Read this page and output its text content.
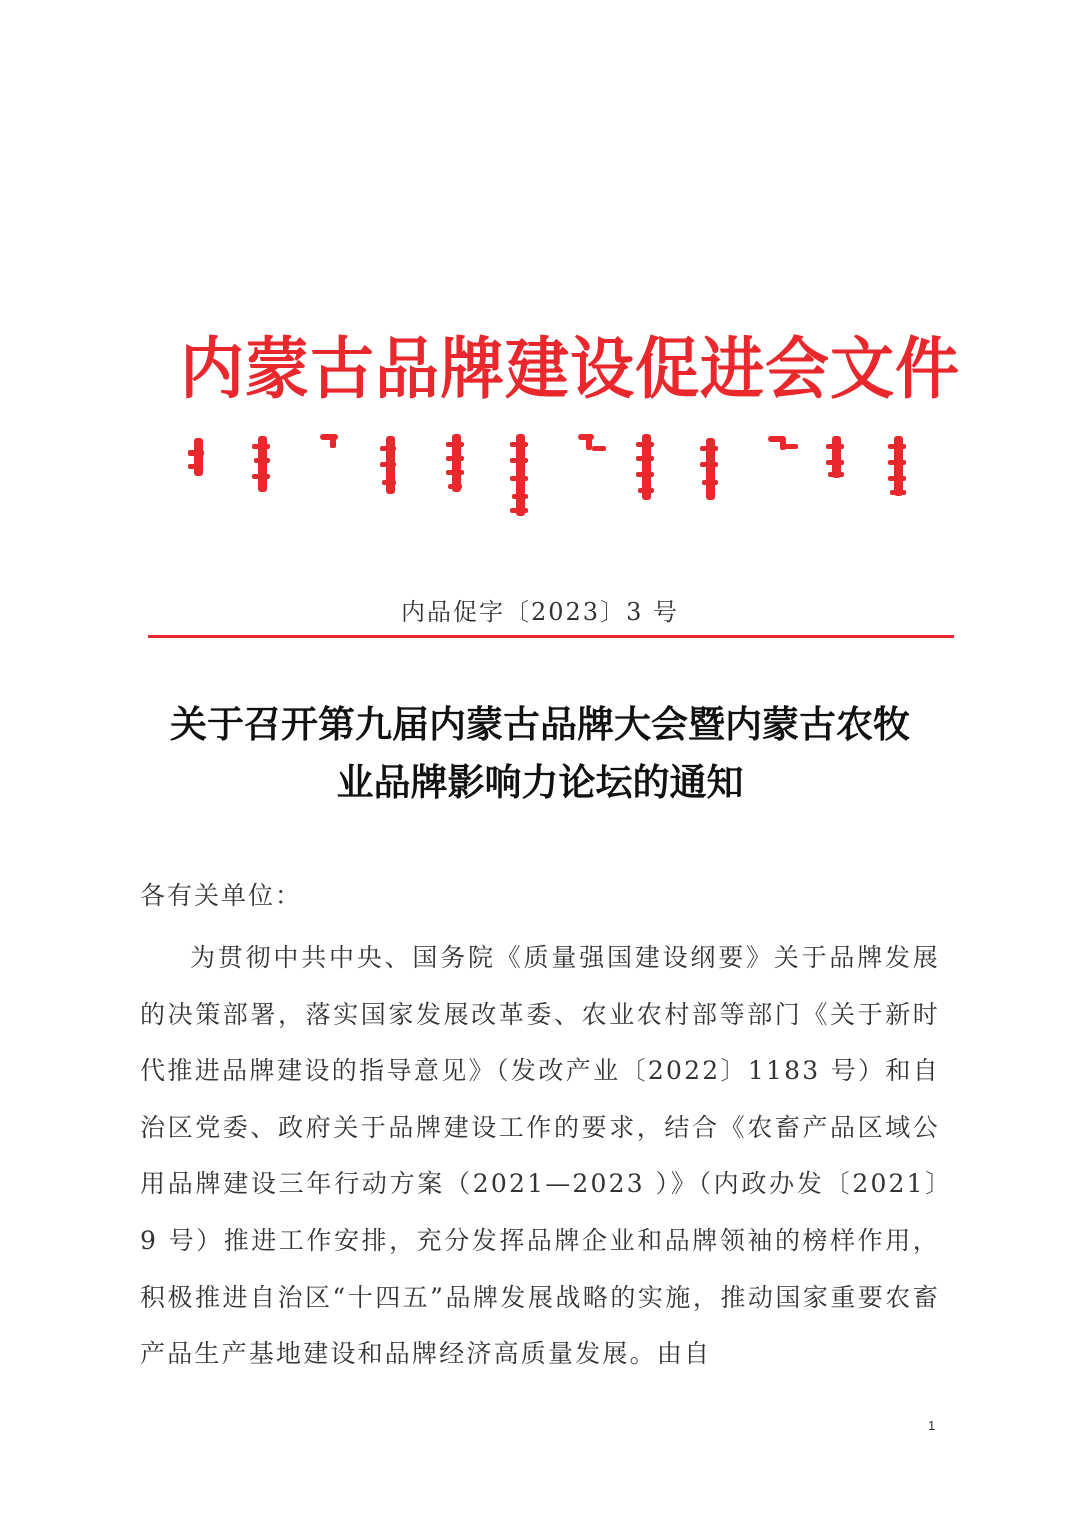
内蒙古品牌建设促进会文件
内品促字〔2023〕3 号
关于召开第九届内蒙古品牌大会暨内蒙古农牧
业品牌影响力论坛的通知
各有关单位：
为贯彻中共中央、国务院《质量强国建设纲要》关于品牌发展的决策部署，落实国家发展改革委、农业农村部等部门《关于新时代推进品牌建设的指导意见》（发改产业〔2022〕1183 号）和自治区党委、政府关于品牌建设工作的要求，结合《农畜产品区域公用品牌建设三年行动方案（2021—2023 ）》（内政办发〔2021〕9 号）推进工作安排，充分发挥品牌企业和品牌领袖的榜样作用，积极推进自治区“十四五”品牌发展战略的实施，推动国家重要农畜产品生产基地建设和品牌经济高质量发展。由自
1
